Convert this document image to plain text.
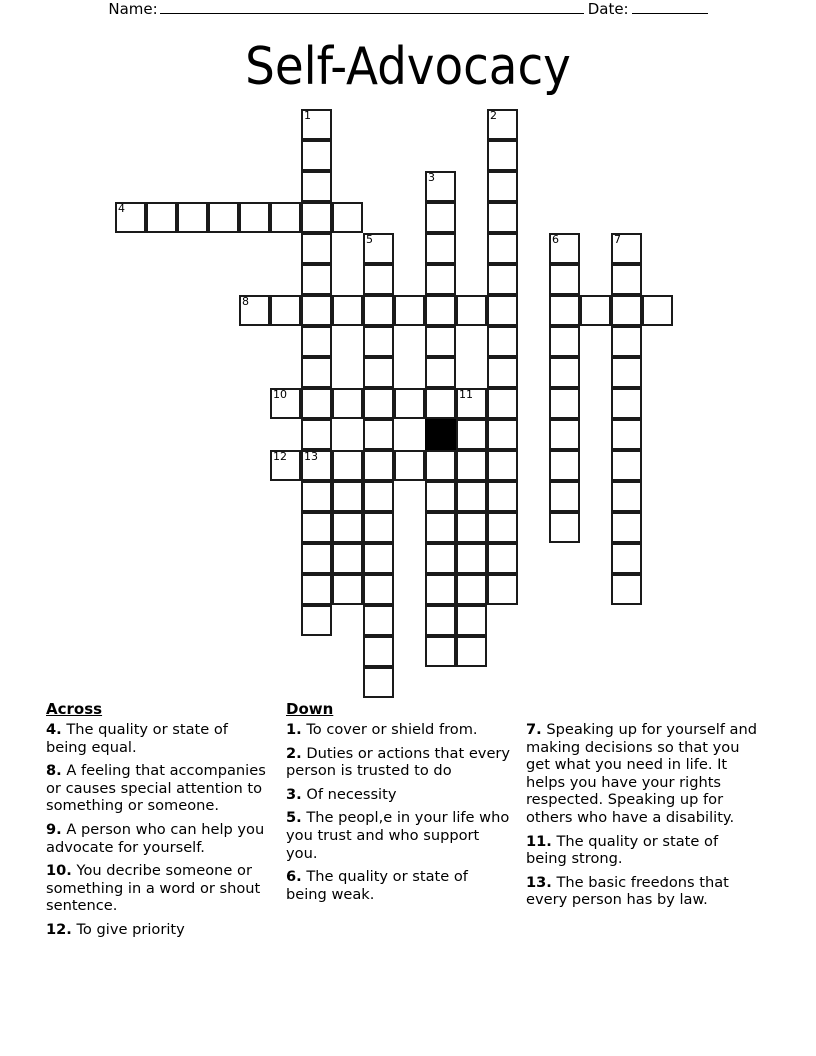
Name:	Date:
Self-Advocacy
1	2
3
4
5	6	7
8
10	11
12 13
Across

4. The quality or state of being equal.

8. A feeling that accompanies or causes special attention to something or someone.

9. A person who can help you advocate for yourself.

10. You decribe someone or something in a word or shout sentence.

12. To give priority

Down

1. To cover or shield from.

2. Duties or actions that every person is trusted to do

3. Of necessity

5. The peopl,e in your life who you trust and who support you.

6. The quality or state of being weak.

7. Speaking up for yourself and making decisions so that you get what you need in life. It helps you have your rights respected. Speaking up for others who have a disability.

11. The quality or state of being strong.

13. The basic freedons that every person has by law.
